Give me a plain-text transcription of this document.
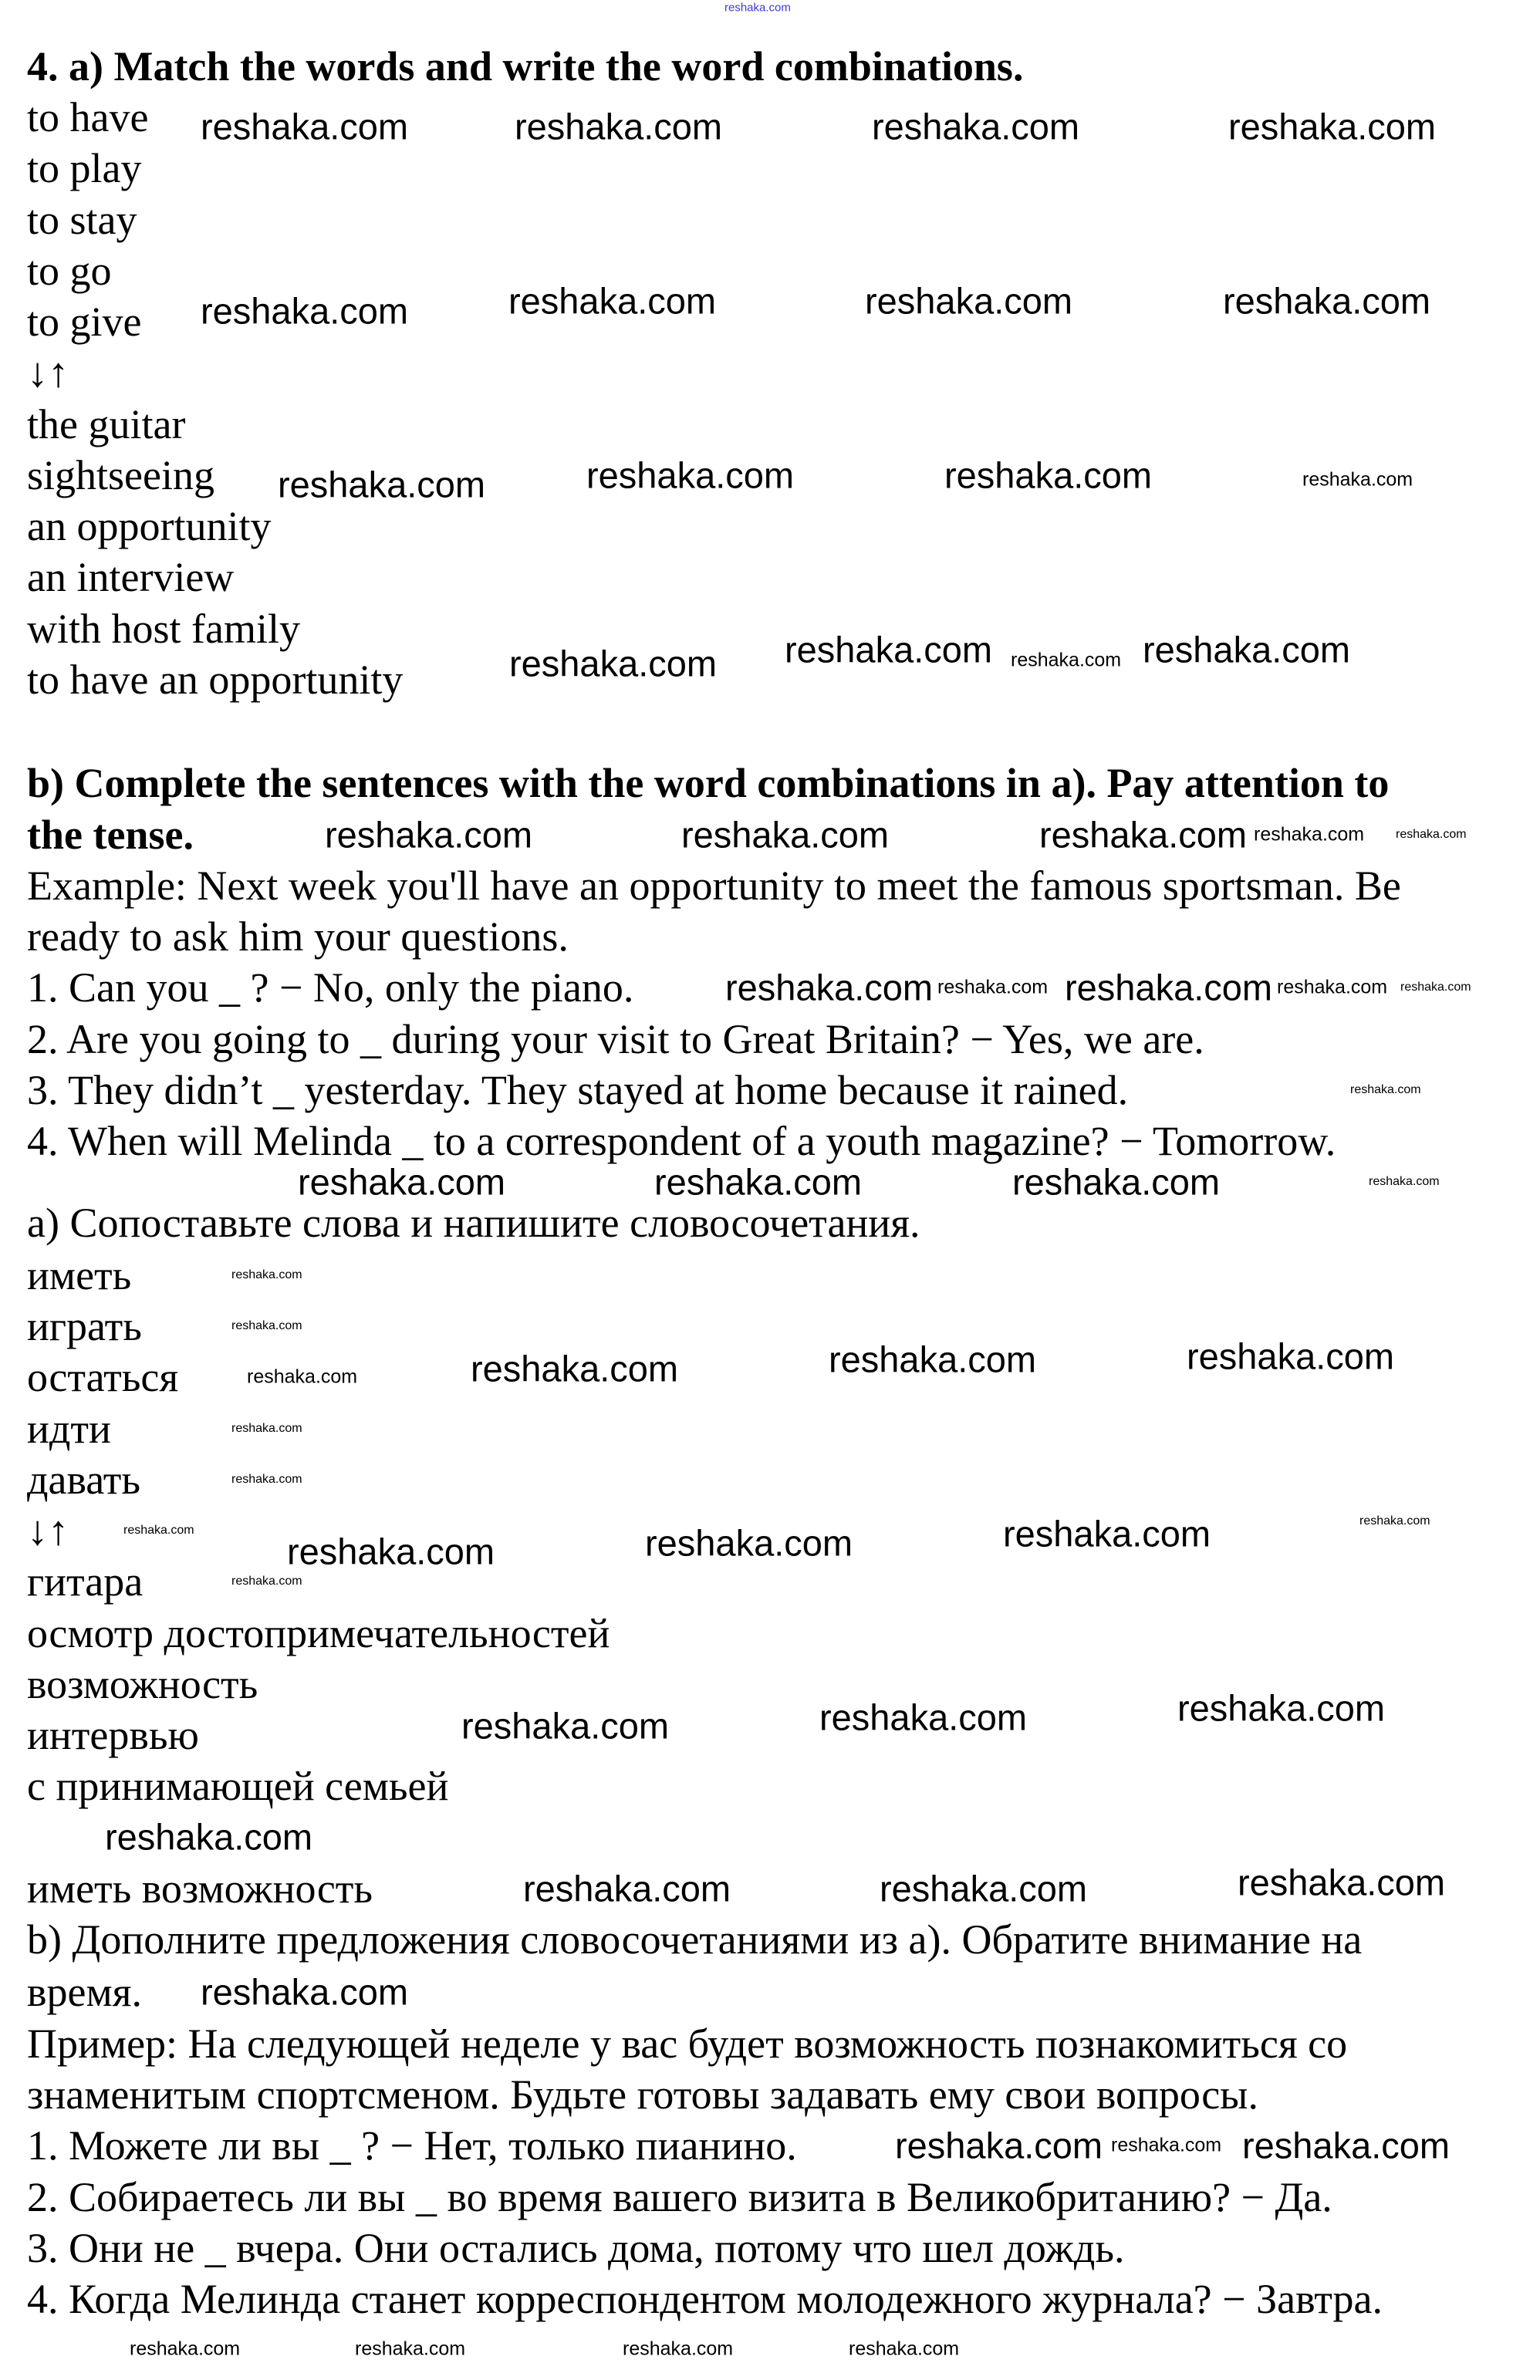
4. a) Match the words and write the word combinations.
to have
to play
to stay
to go
to give
↓↑
the guitar
sightseeing
an opportunity
an interview
with host family
to have an opportunity
b) Complete the sentences with the word combinations in a). Pay attention to
the tense.
Example: Next week you'll have an opportunity to meet the famous sportsman. Be
ready to ask him your questions.
1. Can you _ ? − No, only the piano.
2. Are you going to _ during your visit to Great Britain? − Yes, we are.
3. They didn’t _ yesterday. They stayed at home because it rained.
4. When will Melinda _ to a correspondent of a youth magazine? − Tomorrow.
а) Сопоставьте слова и напишите словосочетания.
иметь
играть
остаться
идти
давать
↓↑
гитара
осмотр достопримечательностей
возможность
интервью
с принимающей семьей
иметь возможность
b) Дополните предложения словосочетаниями из а). Обратите внимание на
время.
Пример: На следующей неделе у вас будет возможность познакомиться со
знаменитым спортсменом. Будьте готовы задавать ему свои вопросы.
1. Можете ли вы _ ? − Нет, только пианино.
2. Собираетесь ли вы _ во время вашего визита в Великобританию? − Да.
3. Они не _ вчера. Они остались дома, потому что шел дождь.
4. Когда Мелинда станет корреспондентом молодежного журнала? − Завтра.
reshaka.com
reshaka.com	reshaka.com	reshaka.com	reshaka.com
reshaka.com	reshaka.com	reshaka.com	reshaka.com
reshaka.com	reshaka.com	reshaka.com	reshaka.com
reshaka.com reshaka.com	reshaka.com
reshaka.com
reshaka.com	reshaka.com	reshaka.com	reshaka.com
reshaka.com
reshaka.com	reshaka.com
reshaka.com	reshaka.com reshaka.com
reshaka.com
reshaka.com
reshaka.com	reshaka.com	reshaka.com
reshaka.com
reshaka.com
reshaka.com
reshaka.com	reshaka.com	reshaka.com	reshaka.com
reshaka.com
reshaka.com
reshaka.com
reshaka.com
reshaka.com	reshaka.com	reshaka.com
reshaka.com	reshaka.com	reshaka.com
reshaka.com
reshaka.com	reshaka.com	reshaka.com
reshaka.com
reshaka.com
reshaka.com	reshaka.com
reshaka.com	reshaka.com	reshaka.com	reshaka.com
